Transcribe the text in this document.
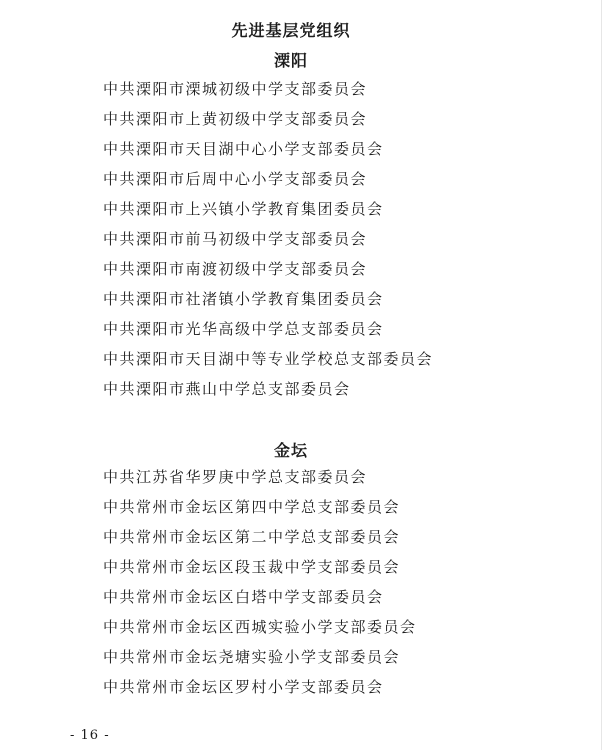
先进基层党组织
溧阳
中共溧阳市溧城初级中学支部委员会
中共溧阳市上黄初级中学支部委员会
中共溧阳市天目湖中心小学支部委员会
中共溧阳市后周中心小学支部委员会
中共溧阳市上兴镇小学教育集团委员会
中共溧阳市前马初级中学支部委员会
中共溧阳市南渡初级中学支部委员会
中共溧阳市社渚镇小学教育集团委员会
中共溧阳市光华高级中学总支部委员会
中共溧阳市天目湖中等专业学校总支部委员会
中共溧阳市燕山中学总支部委员会
金坛
中共江苏省华罗庚中学总支部委员会
中共常州市金坛区第四中学总支部委员会
中共常州市金坛区第二中学总支部委员会
中共常州市金坛区段玉裁中学支部委员会
中共常州市金坛区白塔中学支部委员会
中共常州市金坛区西城实验小学支部委员会
中共常州市金坛尧塘实验小学支部委员会
中共常州市金坛区罗村小学支部委员会
- 16 -
